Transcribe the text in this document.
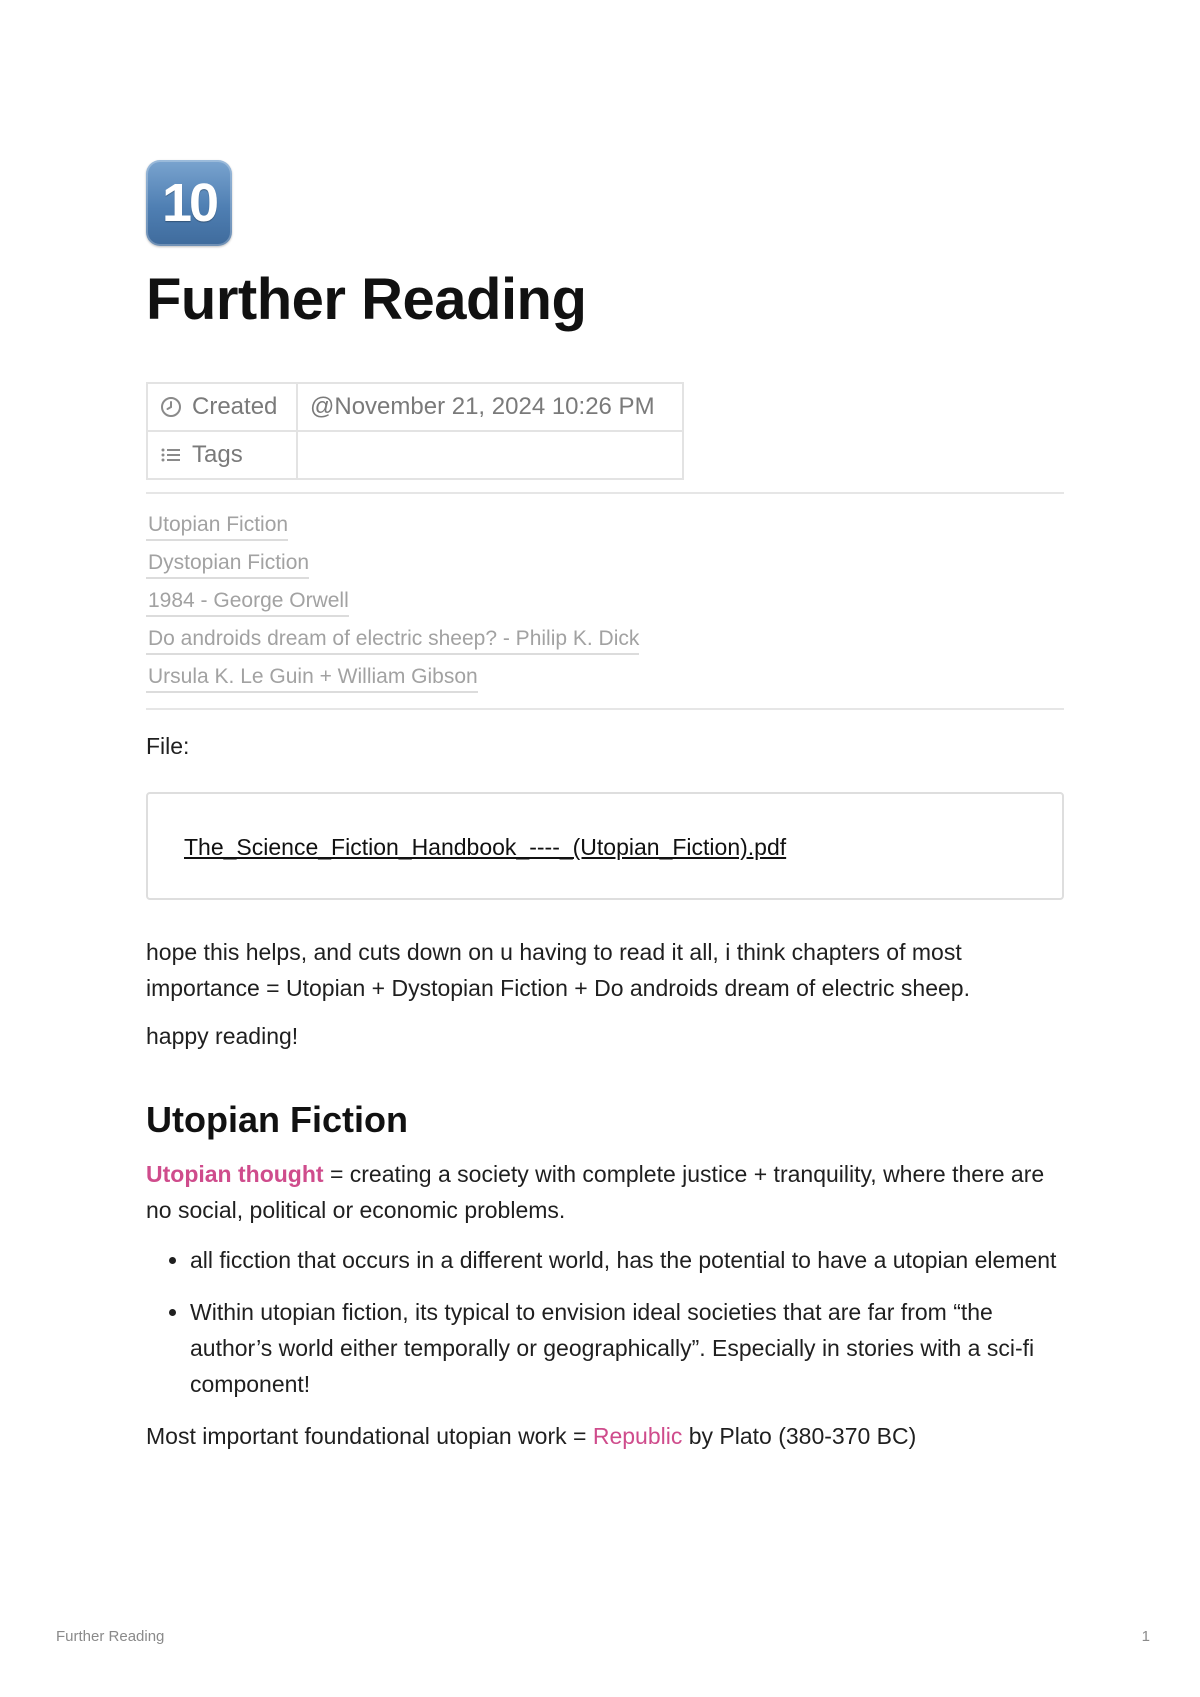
10
Further Reading
Created	@November 21, 2024 10:26 PM
Tags	
Utopian Fiction
Dystopian Fiction
1984 - George Orwell
Do androids dream of electric sheep? - Philip K. Dick
Ursula K. Le Guin + William Gibson
File:
The_Science_Fiction_Handbook_----_(Utopian_Fiction).pdf
hope this helps, and cuts down on u having to read it all, i think chapters of most importance = Utopian + Dystopian Fiction + Do androids dream of electric sheep.
happy reading!
Utopian Fiction
Utopian thought = creating a society with complete justice + tranquility, where there are no social, political or economic problems.
• all ficction that occurs in a different world, has the potential to have a utopian element
• Within utopian fiction, its typical to envision ideal societies that are far from “the author’s world either temporally or geographically”. Especially in stories with a sci-fi component!
Most important foundational utopian work = Republic by Plato (380-370 BC)
Further Reading	1
